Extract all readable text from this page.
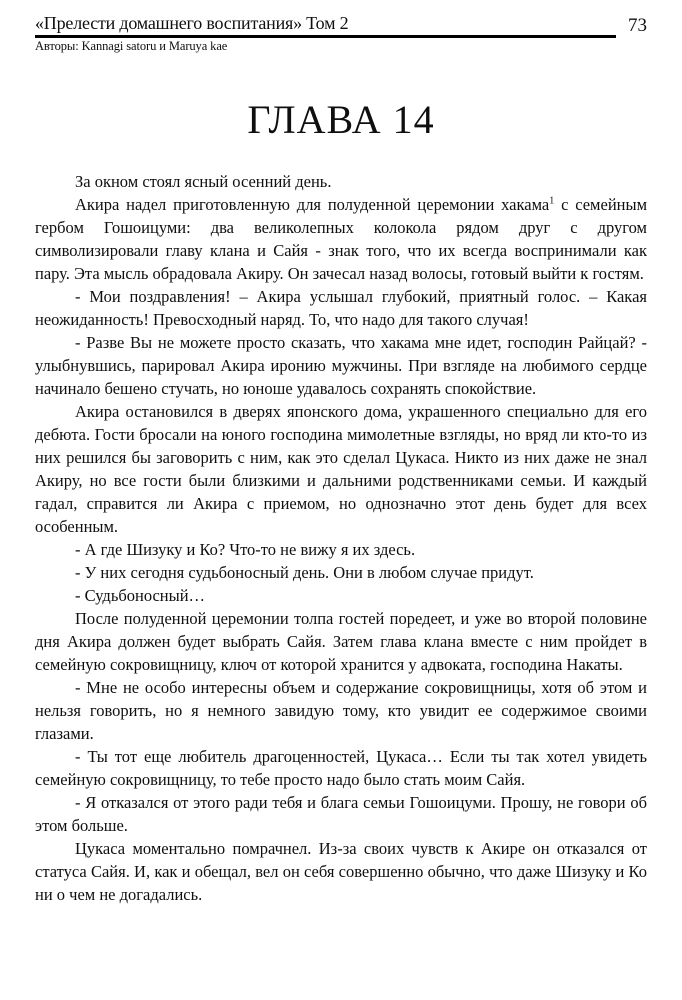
«Прелести домашнего воспитания» Том 2	73
Авторы: Kannagi satoru и Maruya kae
ГЛАВА 14

За окном стоял ясный осенний день.

Акира надел приготовленную для полуденной церемонии хакама$^1$ с семейным гербом Гошоицуми: два великолепных колокола рядом друг с другом символизировали главу клана и Сайя - знак того, что их всегда воспринимали как пару. Эта мысль обрадовала Акиру. Он зачесал назад волосы, готовый выйти к гостям.

- Мои поздравления! – Акира услышал глубокий, приятный голос. – Какая неожиданность! Превосходный наряд. То, что надо для такого случая!

- Разве Вы не можете просто сказать, что хакама мне идет, господин Райцай? - улыбнувшись, парировал Акира иронию мужчины. При взгляде на любимого сердце начинало бешено стучать, но юноше удавалось сохранять спокойствие.

Акира остановился в дверях японского дома, украшенного специально для его дебюта. Гости бросали на юного господина мимолетные взгляды, но вряд ли кто-то из них решился бы заговорить с ним, как это сделал Цукаса. Никто из них даже не знал Акиру, но все гости были близкими и дальними родственниками семьи. И каждый гадал, справится ли Акира с приемом, но однозначно этот день будет для всех особенным.

- А где Шизуку и Ко? Что-то не вижу я их здесь.

- У них сегодня судьбоносный день. Они в любом случае придут.

- Судьбоносный…

После полуденной церемонии толпа гостей поредеет, и уже во второй половине дня Акира должен будет выбрать Сайя. Затем глава клана вместе с ним пройдет в семейную сокровищницу, ключ от которой хранится у адвоката, господина Накаты.

- Мне не особо интересны объем и содержание сокровищницы, хотя об этом и нельзя говорить, но я немного завидую тому, кто увидит ее содержимое своими глазами.

- Ты тот еще любитель драгоценностей, Цукаса… Если ты так хотел увидеть семейную сокровищницу, то тебе просто надо было стать моим Сайя.

- Я отказался от этого ради тебя и блага семьи Гошоицуми. Прошу, не говори об этом больше.

Цукаса моментально помрачнел. Из-за своих чувств к Акире он отказался от статуса Сайя. И, как и обещал, вел он себя совершенно обычно, что даже Шизуку и Ко ни о чем не догадались.
